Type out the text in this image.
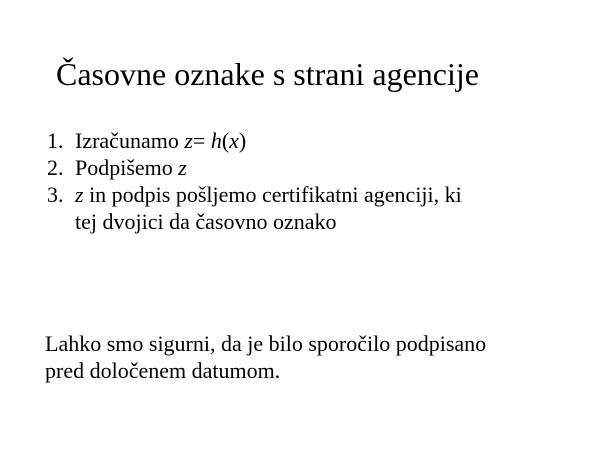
Časovne oznake s strani agencije
1. Izračunamo z= h(x)
2. Podpišemo z
3. z in podpis pošljemo certifikatni agenciji, ki
tej dvojici da časovno oznako
Lahko smo sigurni, da je bilo sporočilo podpisano
pred določenem datumom.
